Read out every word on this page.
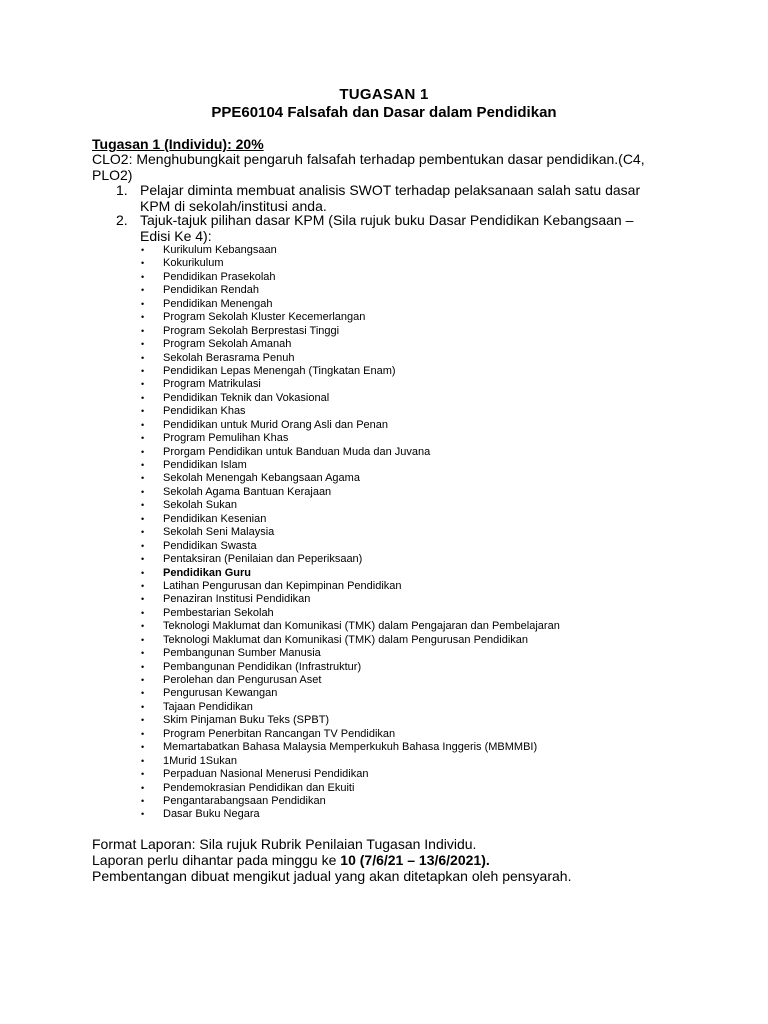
TUGASAN 1
PPE60104 Falsafah dan Dasar dalam Pendidikan
Tugasan 1 (Individu): 20%
CLO2: Menghubungkait pengaruh falsafah terhadap pembentukan dasar pendidikan.(C4, PLO2)
1. Pelajar diminta membuat analisis SWOT terhadap pelaksanaan salah satu dasar KPM di sekolah/institusi anda.
2. Tajuk-tajuk pilihan dasar KPM (Sila rujuk buku Dasar Pendidikan Kebangsaan – Edisi Ke 4):
• Kurikulum Kebangsaan
• Kokurikulum
• Pendidikan Prasekolah
• Pendidikan Rendah
• Pendidikan Menengah
• Program Sekolah Kluster Kecemerlangan
• Program Sekolah Berprestasi Tinggi
• Program Sekolah Amanah
• Sekolah Berasrama Penuh
• Pendidikan Lepas Menengah (Tingkatan Enam)
• Program Matrikulasi
• Pendidikan Teknik dan Vokasional
• Pendidikan Khas
• Pendidikan untuk Murid Orang Asli dan Penan
• Program Pemulihan Khas
• Prorgam Pendidikan untuk Banduan Muda dan Juvana
• Pendidikan Islam
• Sekolah Menengah Kebangsaan Agama
• Sekolah Agama Bantuan Kerajaan
• Sekolah Sukan
• Pendidikan Kesenian
• Sekolah Seni Malaysia
• Pendidikan Swasta
• Pentaksiran (Penilaian dan Peperiksaan)
• Pendidikan Guru
• Latihan Pengurusan dan Kepimpinan Pendidikan
• Penaziran Institusi Pendidikan
• Pembestarian Sekolah
• Teknologi Maklumat dan Komunikasi (TMK) dalam Pengajaran dan Pembelajaran
• Teknologi Maklumat dan Komunikasi (TMK) dalam Pengurusan Pendidikan
• Pembangunan Sumber Manusia
• Pembangunan Pendidikan (Infrastruktur)
• Perolehan dan Pengurusan Aset
• Pengurusan Kewangan
• Tajaan Pendidikan
• Skim Pinjaman Buku Teks (SPBT)
• Program Penerbitan Rancangan TV Pendidikan
• Memartabatkan Bahasa Malaysia Memperkukuh Bahasa Inggeris (MBMMBI)
• 1Murid 1Sukan
• Perpaduan Nasional Menerusi Pendidikan
• Pendemokrasian Pendidikan dan Ekuiti
• Pengantarabangsaan Pendidikan
• Dasar Buku Negara
Format Laporan: Sila rujuk Rubrik Penilaian Tugasan Individu.
Laporan perlu dihantar pada minggu ke 10 (7/6/21 – 13/6/2021).
Pembentangan dibuat mengikut jadual yang akan ditetapkan oleh pensyarah.
